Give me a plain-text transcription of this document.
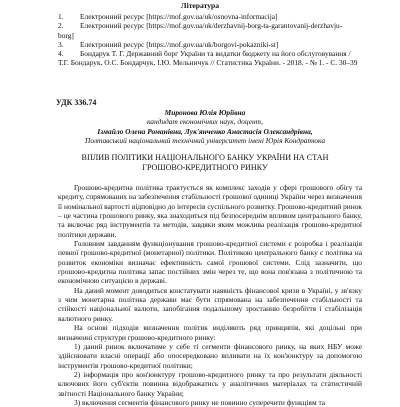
Література
1. Електронний ресурс [https://mof.gov.ua/uk/osnovna-informacija]
2. Електронний ресурс [https://mof.gov.ua/uk/derzhavnij-borg-ta-garantovanij-derzhavju-borg]
3. Електронний ресурс [https://mof.gov.ua/uk/borgovi-pokazniki-st]
4. Бондарук Т. Г. Державний борг України та видатки бюджету на його обслуговування / Т.Г. Бондарук, О.С. Бондарчук, І.Ю. Мельничук // Статистика України. - 2018. - № 1. - С. 30–39
УДК 336.74
Миронова Юлія Юріївна
кандидат економічних наук, доцент,
Ізмайло Олена Романівна, Лук'янченко Анастасія Олександрівна,
Полтавський національний технічний університет імені Юрія Кондратюка
ВПЛИВ ПОЛІТИКИ НАЦІОНАЛЬНОГО БАНКУ УКРАЇНИ НА СТАН
ГРОШОВО-КРЕДИТНОГО РИНКУ

Грошово-кредитна політика трактується як комплекс заходів у сфері грошового обігу та кредиту, спрямованих на забезпечення стабільності грошової одиниці України через визначення її номінальної вартості відповідно до інтересів суспільного розвитку. Грошово-кредитний ринок – це частина грошового ринку, яка знаходиться під безпосереднім впливом центрального банку, та включає ряд інструментів та методів, завдяки яким можлива реалізація грошово-кредитної політики держави.

Головним завданням функціонування грошово-кредитної системи є розробка і реалізація певної грошово-кредитної (монетарної) політики. Політикою центрального банку є політика на розвиток економіки визначає ефективність самої грошової системи. Слід зазначити, що грошово-кредитна політика запас постійних змін через те, що вона пов'язана з політичною та економічною ситуацією в державі.

На даний момент доводиться констатувати наявність фінансової кризи в Україні, у зв'язку з чим монетарна політика держави має бути спрямована на забезпечення стабільності та стійкості національної валюти, запобігання подальшому зростанню безробіття і стабілізація валютного ринку.

На основі підходів визначення політик виділяють ряд принципів, які доцільні при визначенні структури грошово-кредитного ринку:

1) даний ринок включатиме у себе ті сегменти фінансового ринку, на яких НБУ може здійснювати власні операції або опосередковано впливати на їх кон'юнктуру за допомогою інструментів грошово-кредитної політики;

2) інформація про кон'юнктуру грошово-кредитного ринку та про результати діяльності ключових його суб'єктів повинна відображатись у аналітичних матеріалах та статистичній звітності Національного банку України;

3) включення сегментів фінансового ринку не повинно суперечити функціям та
